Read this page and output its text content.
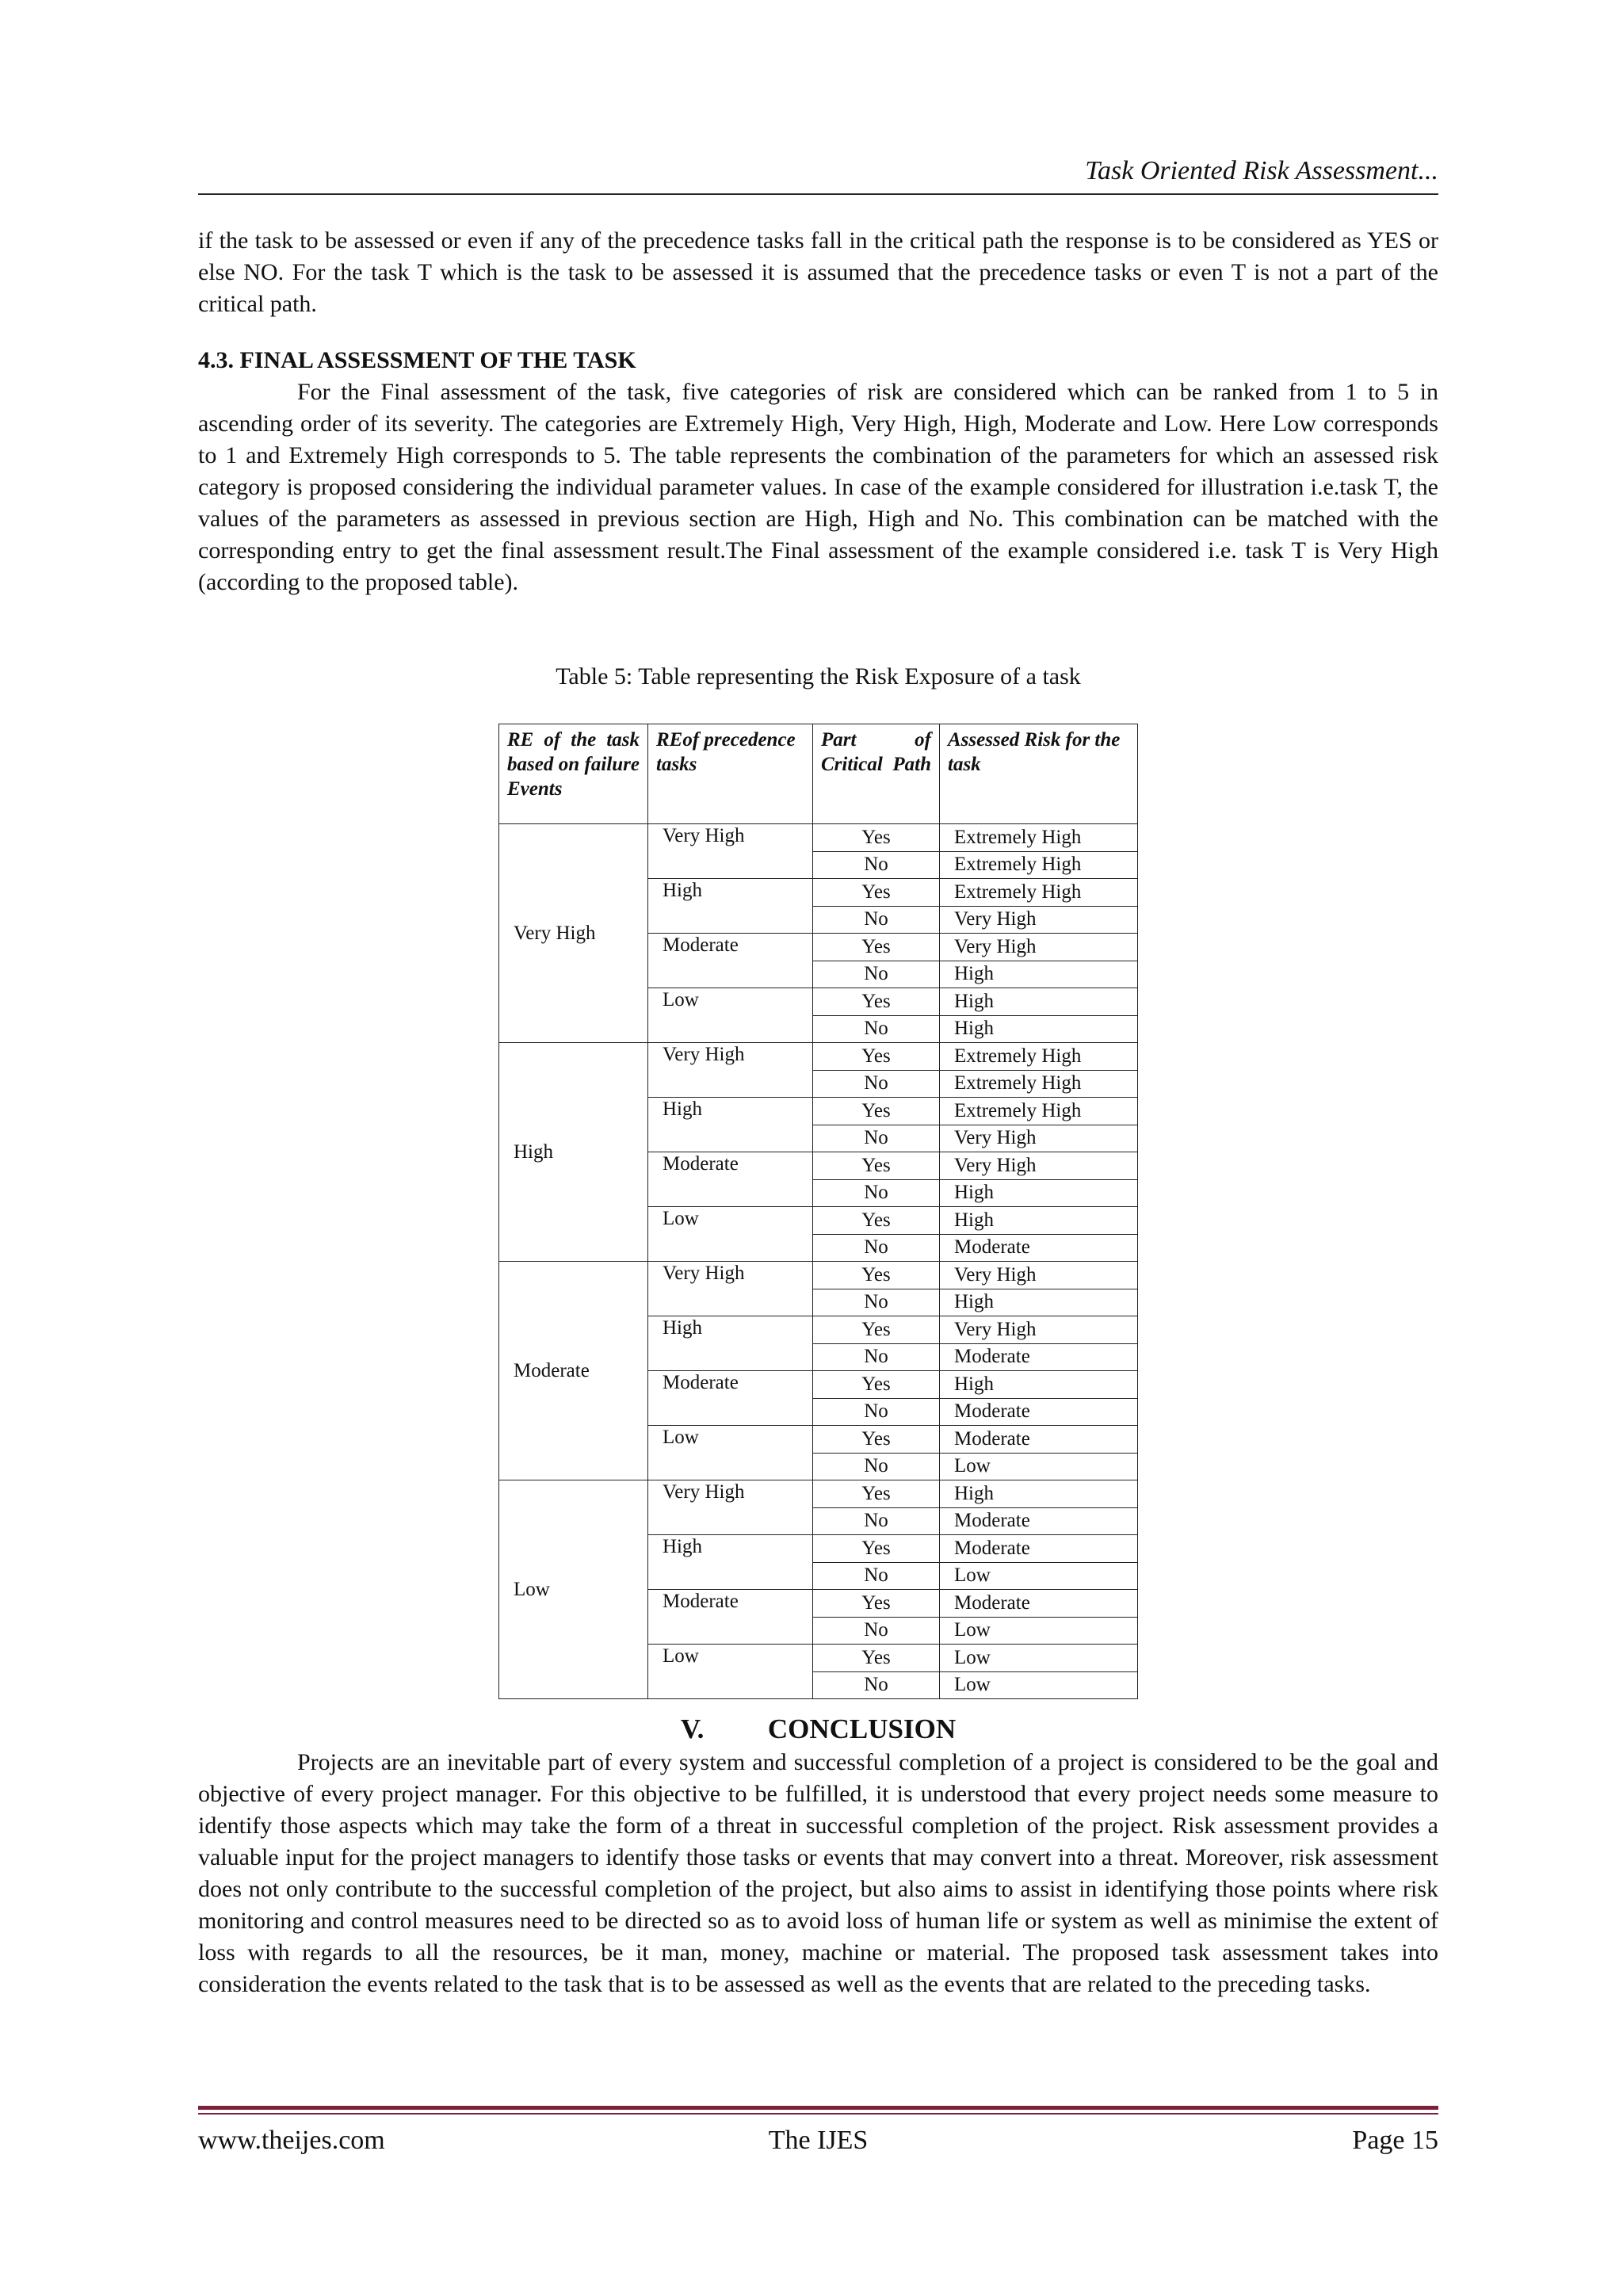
Task Oriented Risk Assessment...

if the task to be assessed or even if any of the precedence tasks fall in the critical path the response is to be considered as YES or else NO. For the task T which is the task to be assessed it is assumed that the precedence tasks or even T is not a part of the critical path.

4.3. FINAL ASSESSMENT OF THE TASK

For the Final assessment of the task, five categories of risk are considered which can be ranked from 1 to 5 in ascending order of its severity. The categories are Extremely High, Very High, High, Moderate and Low. Here Low corresponds to 1 and Extremely High corresponds to 5. The table represents the combination of the parameters for which an assessed risk category is proposed considering the individual parameter values. In case of the example considered for illustration i.e.task T, the values of the parameters as assessed in previous section are High, High and No. This combination can be matched with the corresponding entry to get the final assessment result.The Final assessment of the example considered i.e. task T is Very High (according to the proposed table).

Table 5: Table representing the Risk Exposure of a task
RE of the task based on failure Events	REof precedence tasks	Part of Critical Path	Assessed Risk for the task
Very High	Very High	Yes	Extremely High
		No	Extremely High
	High	Yes	Extremely High
		No	Very High
	Moderate	Yes	Very High
		No	High
	Low	Yes	High
		No	High
High	Very High	Yes	Extremely High
		No	Extremely High
	High	Yes	Extremely High
		No	Very High
	Moderate	Yes	Very High
		No	High
	Low	Yes	High
		No	Moderate
Moderate	Very High	Yes	Very High
		No	High
	High	Yes	Very High
		No	Moderate
	Moderate	Yes	High
		No	Moderate
	Low	Yes	Moderate
		No	Low
Low	Very High	Yes	High
		No	Moderate
	High	Yes	Moderate
		No	Low
	Moderate	Yes	Moderate
		No	Low
	Low	Yes	Low
		No	Low
V. CONCLUSION

Projects are an inevitable part of every system and successful completion of a project is considered to be the goal and objective of every project manager. For this objective to be fulfilled, it is understood that every project needs some measure to identify those aspects which may take the form of a threat in successful completion of the project. Risk assessment provides a valuable input for the project managers to identify those tasks or events that may convert into a threat. Moreover, risk assessment does not only contribute to the successful completion of the project, but also aims to assist in identifying those points where risk monitoring and control measures need to be directed so as to avoid loss of human life or system as well as minimise the extent of loss with regards to all the resources, be it man, money, machine or material. The proposed task assessment takes into consideration the events related to the task that is to be assessed as well as the events that are related to the preceding tasks.

www.theijes.com	The IJES	Page 15
